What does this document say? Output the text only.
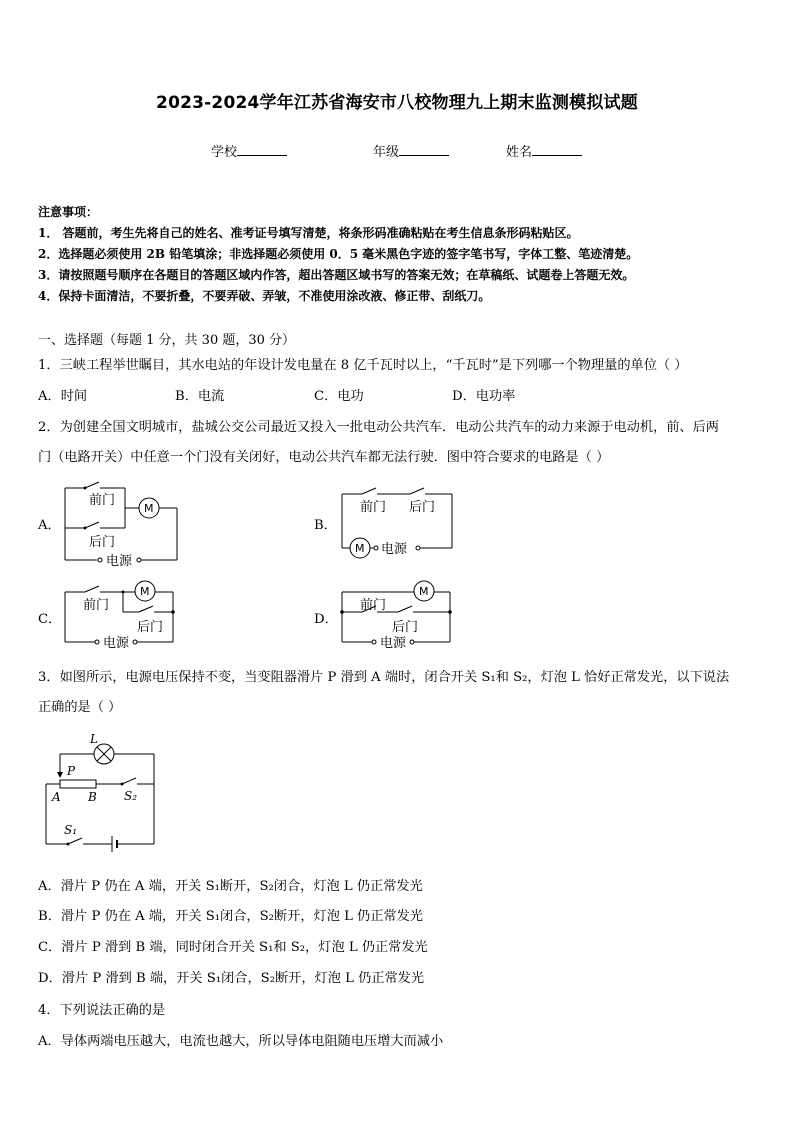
2023-2024学年江苏省海安市八校物理九上期末监测模拟试题
学校	年级	姓名
注意事项：
1． 答题前，考生先将自己的姓名、准考证号填写清楚，将条形码准确粘贴在考生信息条形码粘贴区。
2．选择题必须使用 2B 铅笔填涂；非选择题必须使用 0．5 毫米黑色字迹的签字笔书写，字体工整、笔迹清楚。
3．请按照题号顺序在各题目的答题区域内作答，超出答题区域书写的答案无效；在草稿纸、试题卷上答题无效。
4．保持卡面清洁，不要折叠，不要弄破、弄皱，不准使用涂改液、修正带、刮纸刀。
一、选择题（每题 1 分，共 30 题，30 分）
1．三峡工程举世瞩目，其水电站的年设计发电量在 8 亿千瓦时以上，“千瓦时”是下列哪一个物理量的单位（ ）
A．时间	B．电流	C．电功	D．电功率
2．为创建全国文明城市，盐城公交公司最近又投入一批电动公共汽车．电动公共汽车的动力来源于电动机，前、后两
门（电路开关）中任意一个门没有关闭好，电动公共汽车都无法行驶．图中符合要求的电路是（ ）
A．	B．
C．	D．
前门
后门
电源
M	前门 后门
电源
M
前门
后门
电源
M
前门
后门
电源
M
3．如图所示，电源电压保持不变，当变阻器滑片 P 滑到 A 端时，闭合开关 S₁和 S₂，灯泡 L 恰好正常发光，以下说法
正确的是（ ）
L
P
A B S₂
S₁
A．滑片 P 仍在 A 端，开关 S₁断开，S₂闭合，灯泡 L 仍正常发光
B．滑片 P 仍在 A 端，开关 S₁闭合，S₂断开，灯泡 L 仍正常发光
C．滑片 P 滑到 B 端，同时闭合开关 S₁和 S₂，灯泡 L 仍正常发光
D．滑片 P 滑到 B 端，开关 S₁闭合，S₂断开，灯泡 L 仍正常发光
4．下列说法正确的是
A．导体两端电压越大，电流也越大，所以导体电阻随电压增大而减小
